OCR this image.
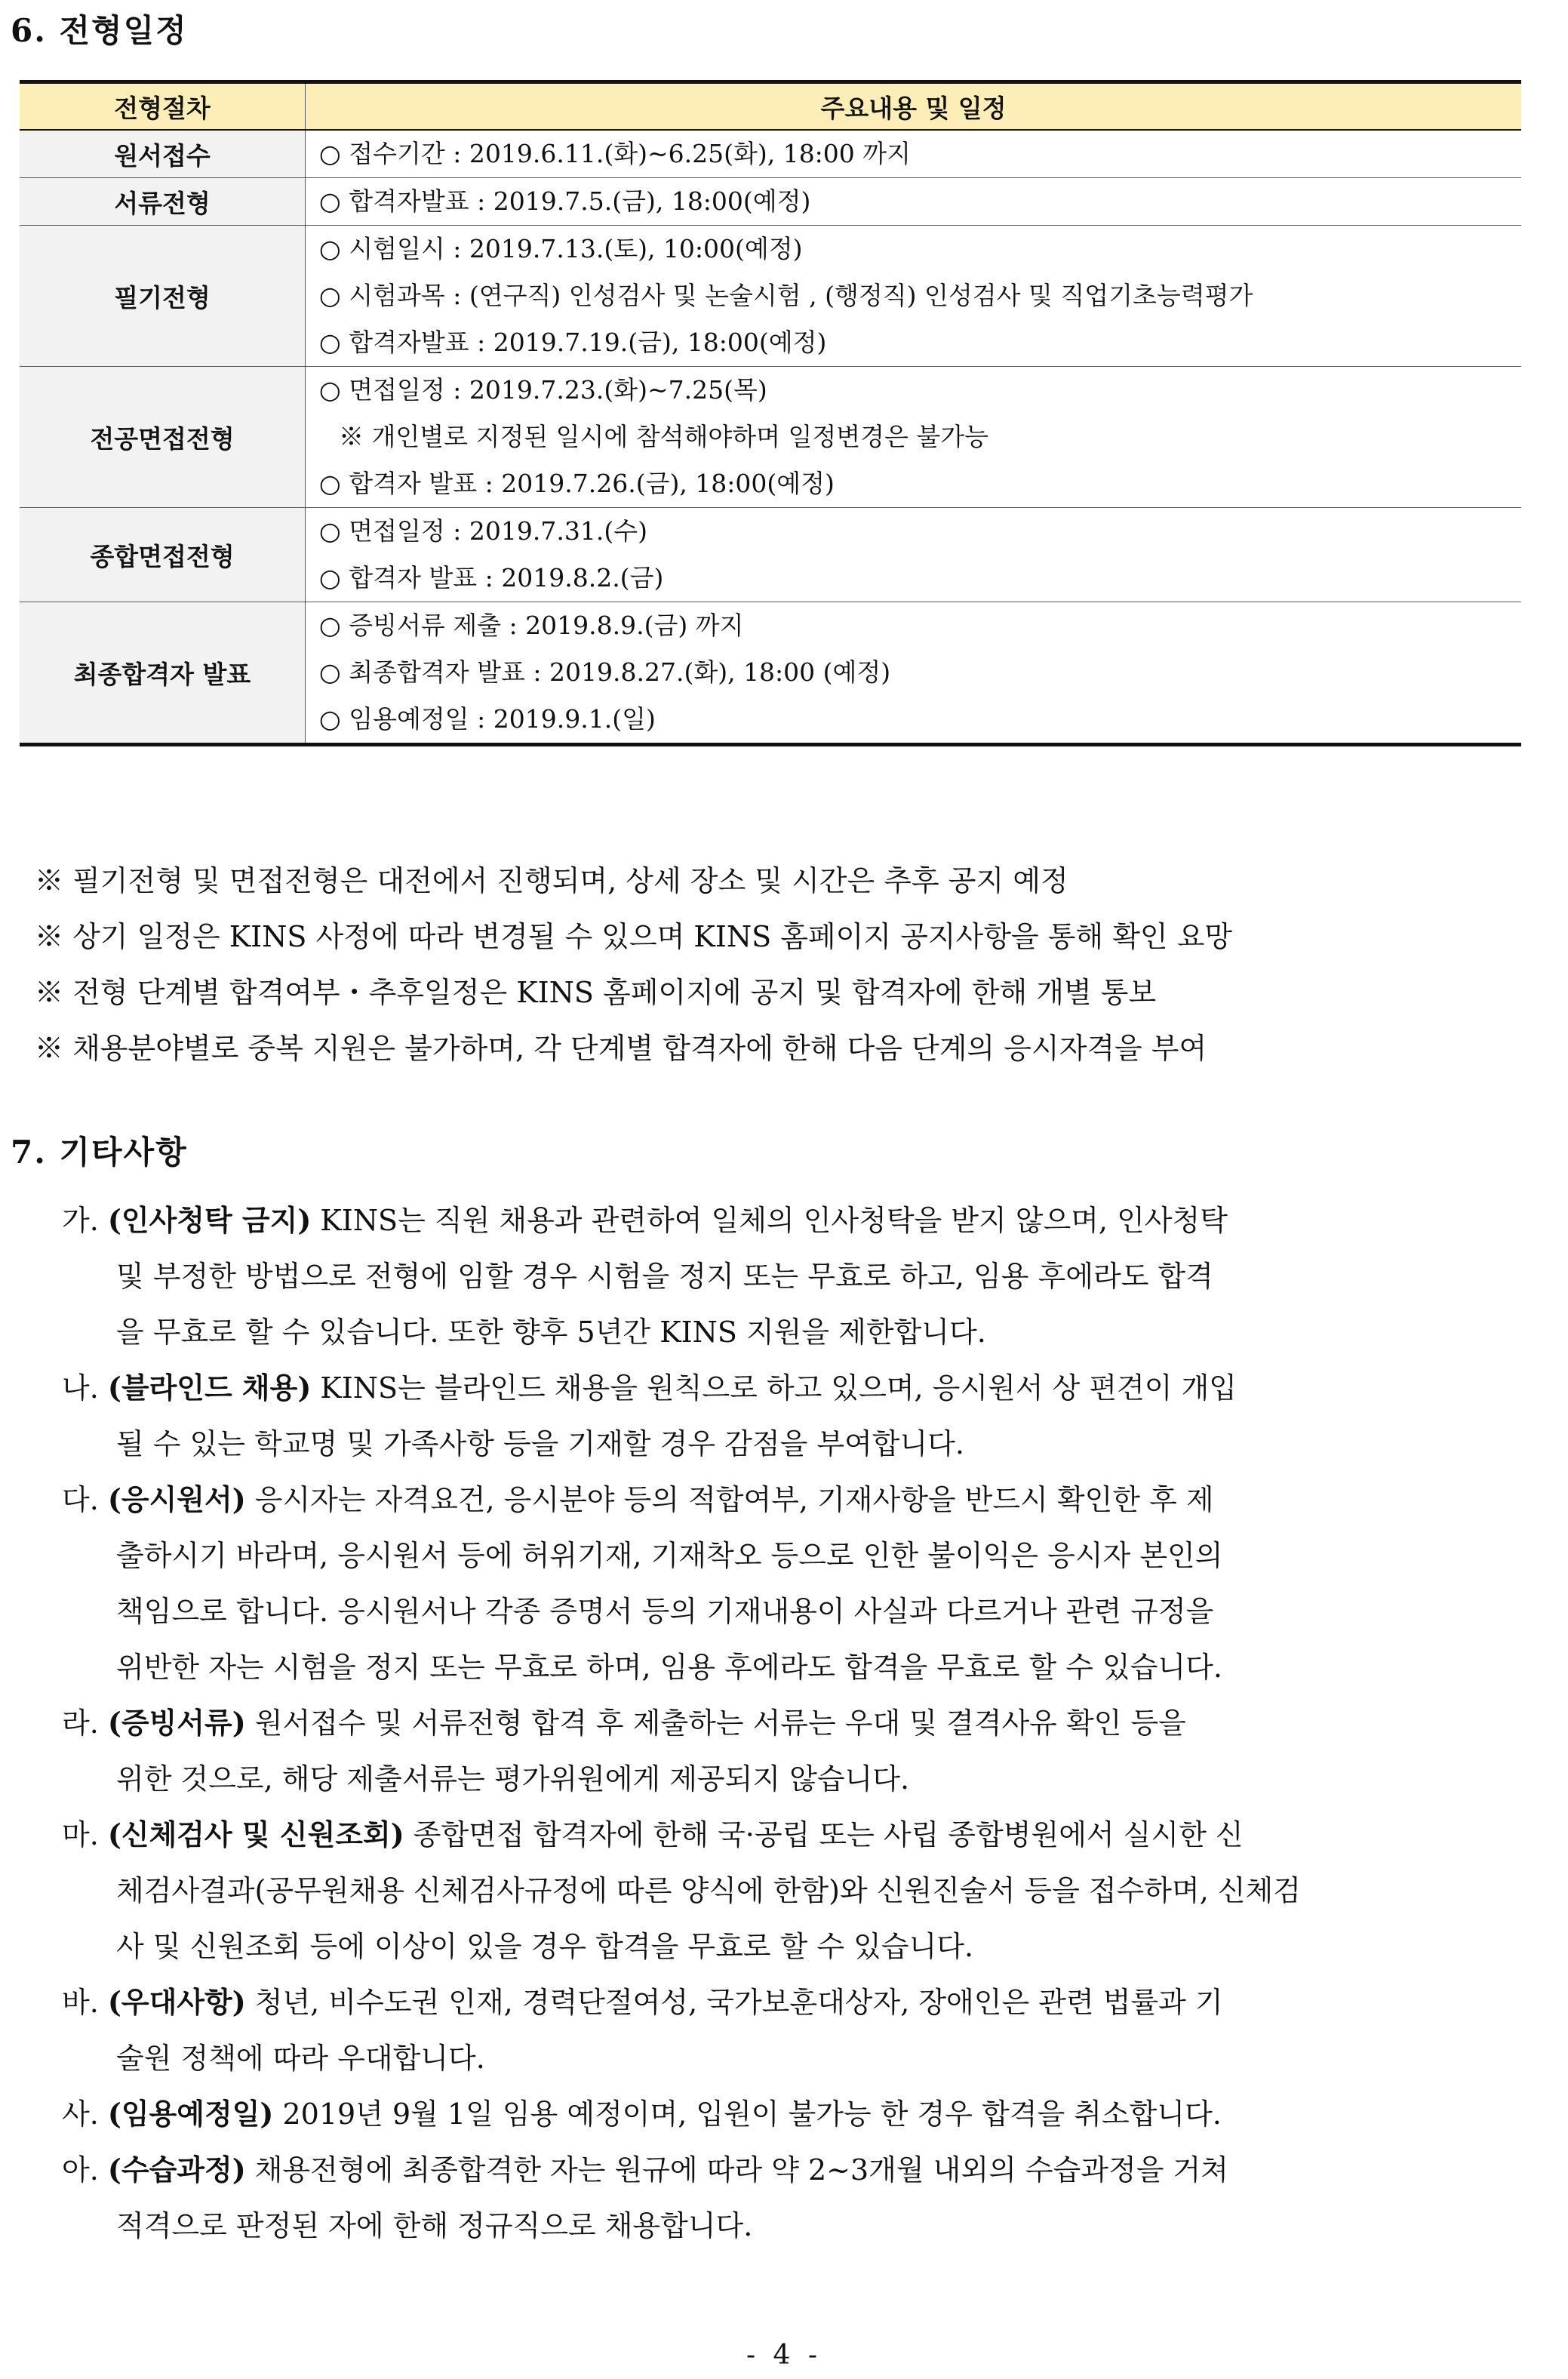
6. 전형일정
전형절차	주요내용 및 일정
원서접수	○ 접수기간 : 2019.6.11.(화)~6.25(화), 18:00 까지

서류전형	○ 합격자발표 : 2019.7.5.(금), 18:00(예정)

필기전형	○ 시험일시 : 2019.7.13.(토), 10:00(예정)
○ 시험과목 : (연구직) 인성검사 및 논술시험 , (행정직) 인성검사 및 직업기초능력평가
○ 합격자발표 : 2019.7.19.(금), 18:00(예정)

전공면접전형	○ 면접일정 : 2019.7.23.(화)~7.25(목)
※ 개인별로 지정된 일시에 참석해야하며 일정변경은 불가능
○ 합격자 발표 : 2019.7.26.(금), 18:00(예정)

종합면접전형	○ 면접일정 : 2019.7.31.(수)
○ 합격자 발표 : 2019.8.2.(금)

최종합격자 발표	○ 증빙서류 제출 : 2019.8.9.(금) 까지
○ 최종합격자 발표 : 2019.8.27.(화), 18:00 (예정)
○ 임용예정일 : 2019.9.1.(일)
※ 필기전형 및 면접전형은 대전에서 진행되며, 상세 장소 및 시간은 추후 공지 예정
※ 상기 일정은 KINS 사정에 따라 변경될 수 있으며 KINS 홈페이지 공지사항을 통해 확인 요망
※ 전형 단계별 합격여부・추후일정은 KINS 홈페이지에 공지 및 합격자에 한해 개별 통보
※ 채용분야별로 중복 지원은 불가하며, 각 단계별 합격자에 한해 다음 단계의 응시자격을 부여
7. 기타사항
가. (인사청탁 금지) KINS는 직원 채용과 관련하여 일체의 인사청탁을 받지 않으며, 인사청탁
및 부정한 방법으로 전형에 임할 경우 시험을 정지 또는 무효로 하고, 임용 후에라도 합격
을 무효로 할 수 있습니다. 또한 향후 5년간 KINS 지원을 제한합니다.
나. (블라인드 채용) KINS는 블라인드 채용을 원칙으로 하고 있으며, 응시원서 상 편견이 개입
될 수 있는 학교명 및 가족사항 등을 기재할 경우 감점을 부여합니다.
다. (응시원서) 응시자는 자격요건, 응시분야 등의 적합여부, 기재사항을 반드시 확인한 후 제
출하시기 바라며, 응시원서 등에 허위기재, 기재착오 등으로 인한 불이익은 응시자 본인의
책임으로 합니다. 응시원서나 각종 증명서 등의 기재내용이 사실과 다르거나 관련 규정을
위반한 자는 시험을 정지 또는 무효로 하며, 임용 후에라도 합격을 무효로 할 수 있습니다.
라. (증빙서류) 원서접수 및 서류전형 합격 후 제출하는 서류는 우대 및 결격사유 확인 등을
위한 것으로, 해당 제출서류는 평가위원에게 제공되지 않습니다.
마. (신체검사 및 신원조회) 종합면접 합격자에 한해 국·공립 또는 사립 종합병원에서 실시한 신
체검사결과(공무원채용 신체검사규정에 따른 양식에 한함)와 신원진술서 등을 접수하며, 신체검
사 및 신원조회 등에 이상이 있을 경우 합격을 무효로 할 수 있습니다.
바. (우대사항) 청년, 비수도권 인재, 경력단절여성, 국가보훈대상자, 장애인은 관련 법률과 기
술원 정책에 따라 우대합니다.
사. (임용예정일) 2019년 9월 1일 임용 예정이며, 입원이 불가능 한 경우 합격을 취소합니다.
아. (수습과정) 채용전형에 최종합격한 자는 원규에 따라 약 2~3개월 내외의 수습과정을 거쳐
적격으로 판정된 자에 한해 정규직으로 채용합니다.
- 4 -
